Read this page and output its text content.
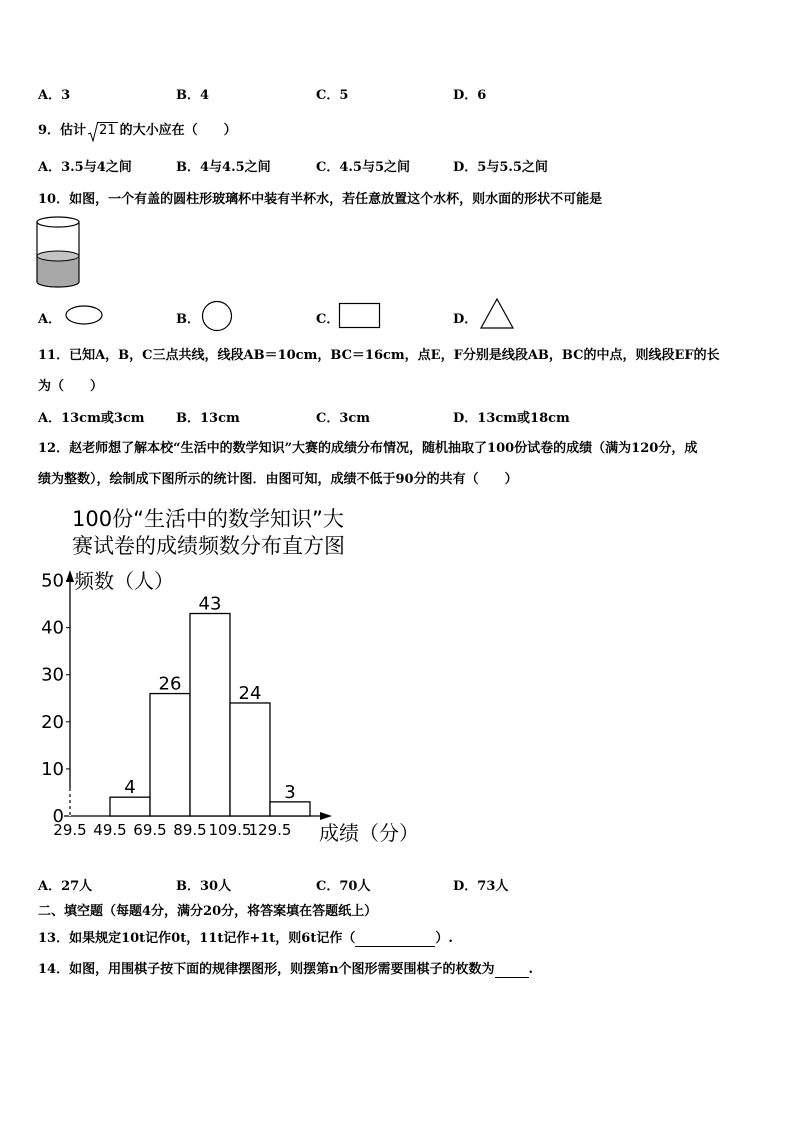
A．3	B．4	C．5	D．6
9．估计 21 的大小应在（　　）
A．3.5与4之间	B．4与4.5之间	C．4.5与5之间	D．5与5.5之间
10．如图，一个有盖的圆柱形玻璃杯中装有半杯水，若任意放置这个水杯，则水面的形状不可能是
A．	B．	C．	D．
11．已知A，B，C三点共线，线段AB＝10cm，BC＝16cm，点E，F分别是线段AB，BC的中点，则线段EF的长
为（　　）
A．13cm或3cm B．13cm	C．3cm	D．13cm或18cm
12．赵老师想了解本校“生活中的数学知识”大赛的成绩分布情况，随机抽取了100份试卷的成绩（满为120分，成
绩为整数），绘制成下图所示的统计图．由图可知，成绩不低于90分的共有（　　）
100份“生活中的数学知识”大
赛试卷的成绩频数分布直方图
频数（人）
成绩（分）
4
26
43
24
3
0
10
20
30
40
50
29.5 49.5 69.5 89.5 109.5
129.5
A．27人	B．30人	C．70人	D．73人
二、填空题（每题4分，满分20分，将答案填在答题纸上）
13．如果规定10t记作0t，11t记作+1t，则6t记作（	）.
14．如图，用围棋子按下面的规律摆图形，则摆第n个图形需要围棋子的枚数为	.
